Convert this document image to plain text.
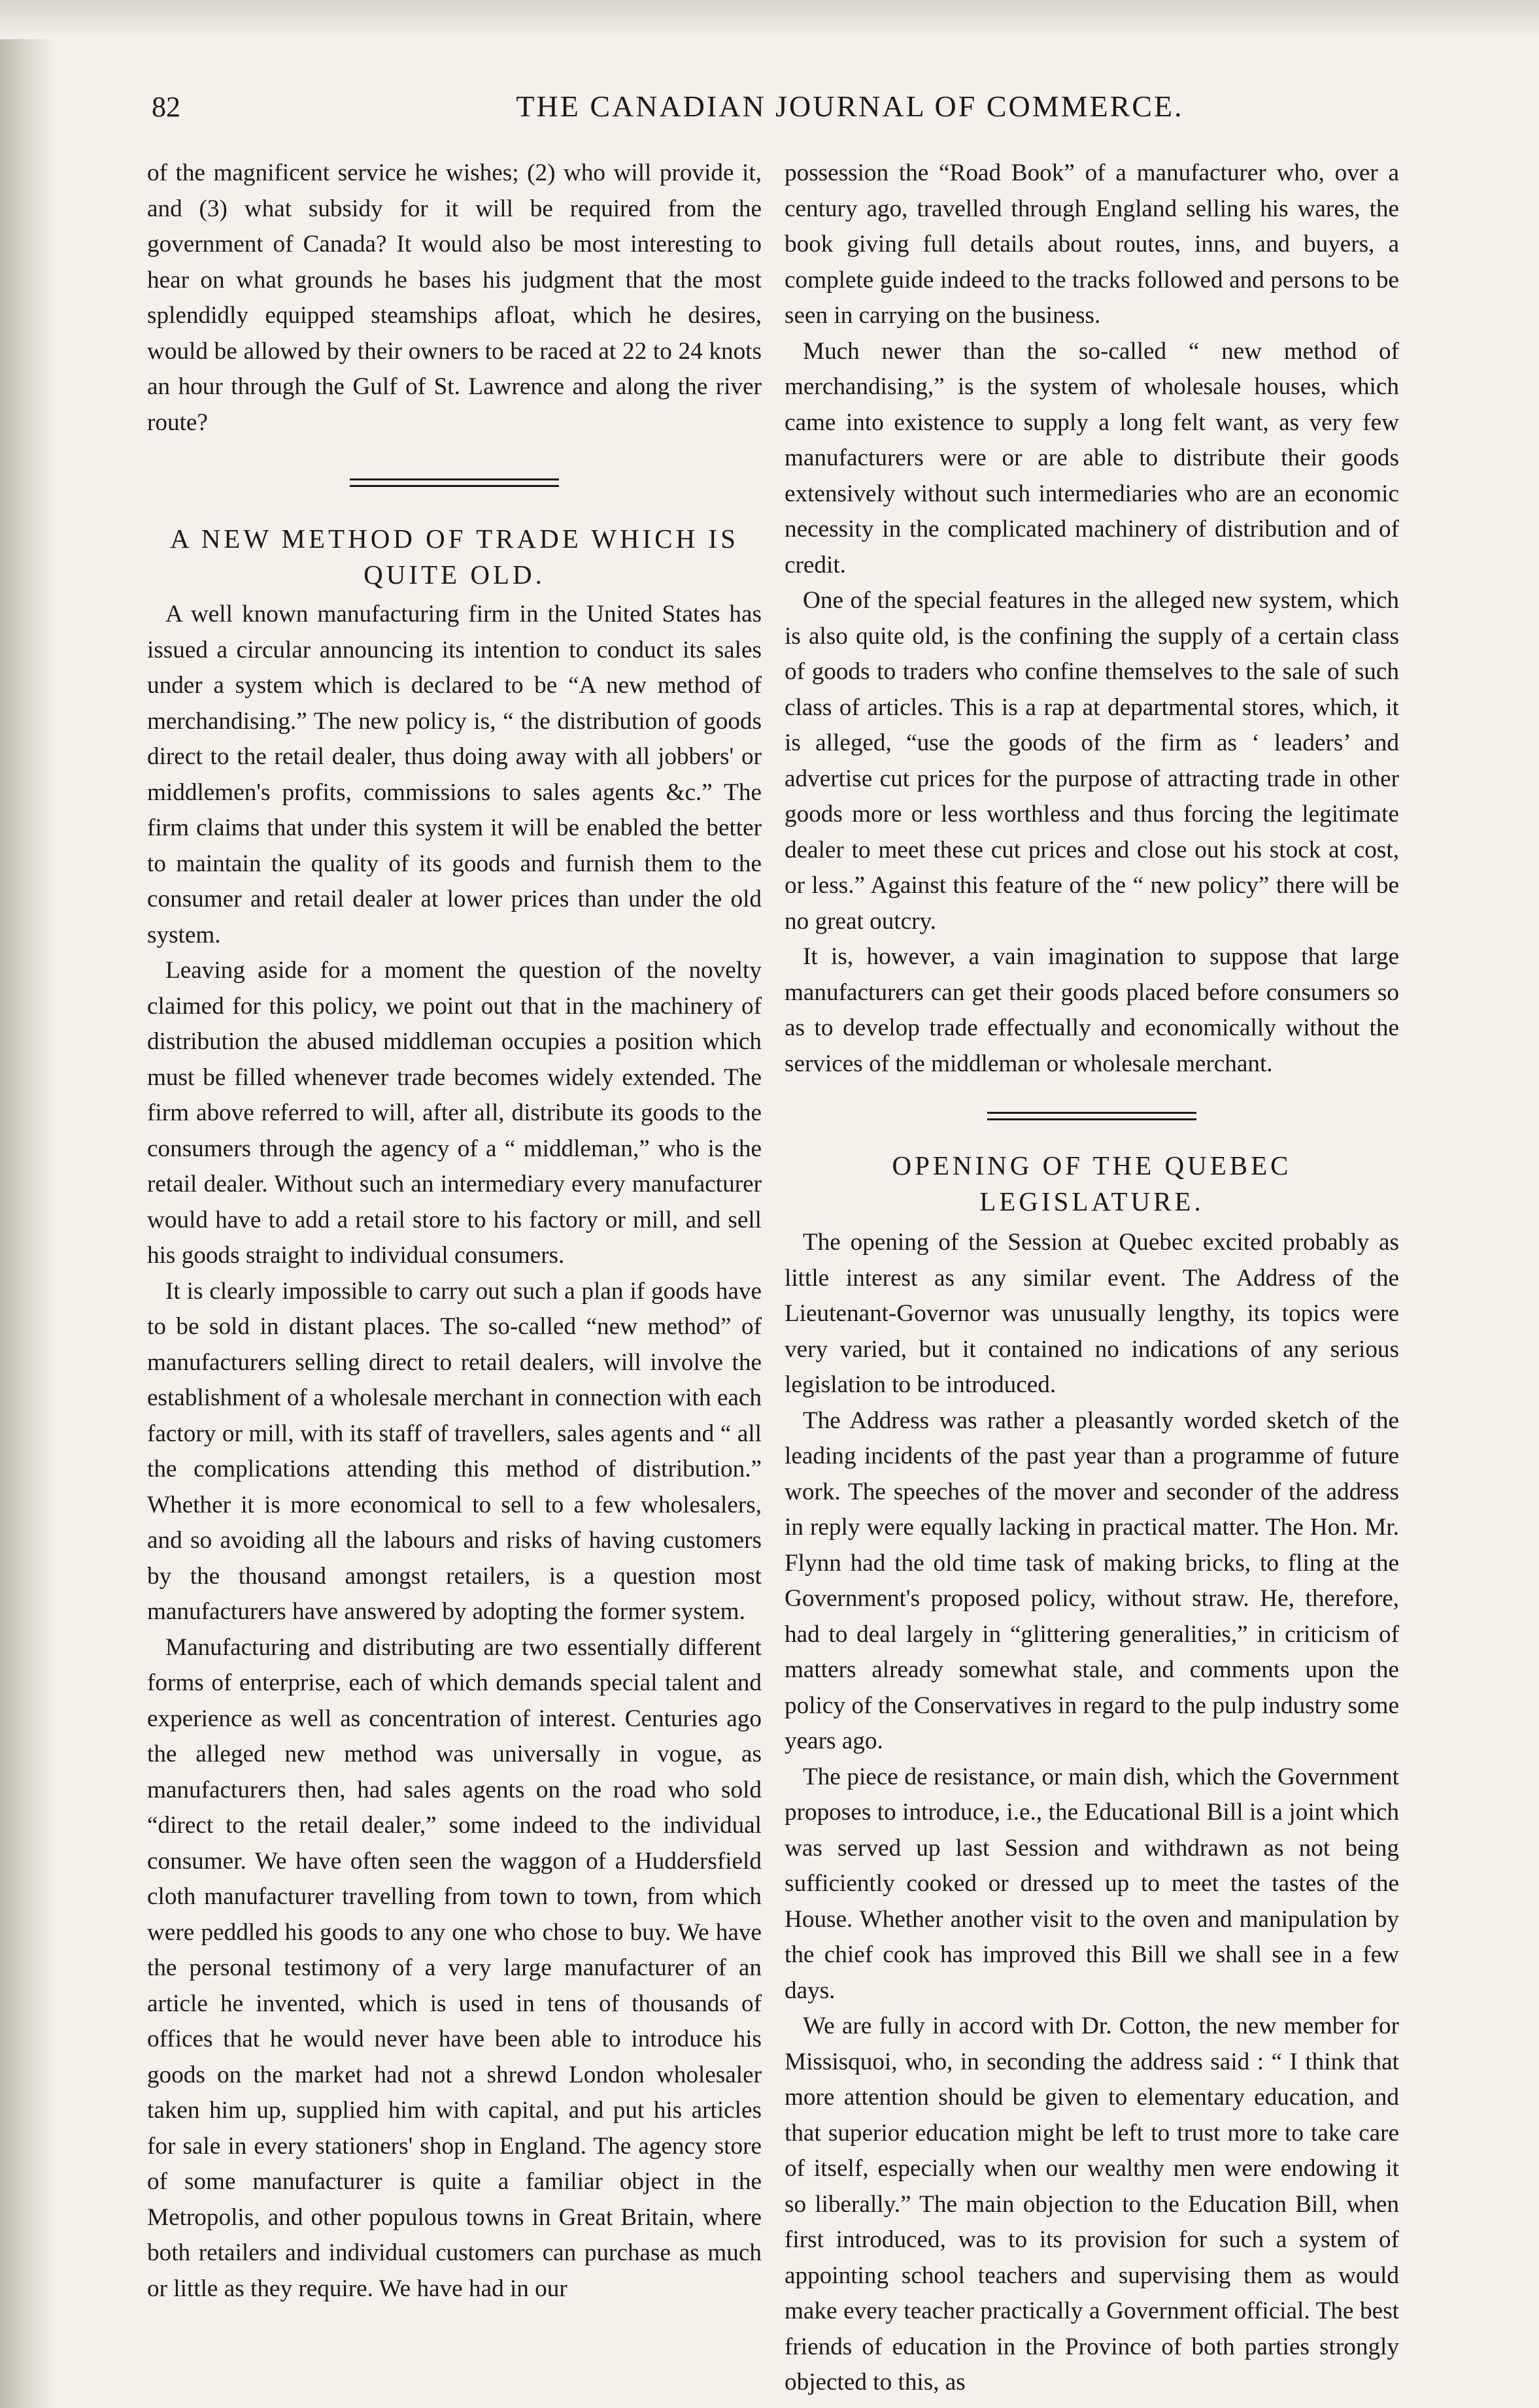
82	THE CANADIAN JOURNAL OF COMMERCE.

of the magnificent service he wishes; (2) who will provide it, and (3) what subsidy for it will be required from the government of Canada? It would also be most interesting to hear on what grounds he bases his judgment that the most splendidly equipped steamships afloat, which he desires, would be allowed by their owners to be raced at 22 to 24 knots an hour through the Gulf of St. Lawrence and along the river route?

A NEW METHOD OF TRADE WHICH IS QUITE OLD.

A well known manufacturing firm in the United States has issued a circular announcing its intention to conduct its sales under a system which is declared to be “A new method of merchandising.” The new policy is, “ the distribution of goods direct to the retail dealer, thus doing away with all jobbers' or middlemen's profits, commissions to sales agents &c.” The firm claims that under this system it will be enabled the better to maintain the quality of its goods and furnish them to the consumer and retail dealer at lower prices than under the old system.

Leaving aside for a moment the question of the novelty claimed for this policy, we point out that in the machinery of distribution the abused middleman occupies a position which must be filled whenever trade becomes widely extended. The firm above referred to will, after all, distribute its goods to the consumers through the agency of a “ middleman,” who is the retail dealer. Without such an intermediary every manufacturer would have to add a retail store to his factory or mill, and sell his goods straight to individual consumers.

It is clearly impossible to carry out such a plan if goods have to be sold in distant places. The so-called “new method” of manufacturers selling direct to retail dealers, will involve the establishment of a wholesale merchant in connection with each factory or mill, with its staff of travellers, sales agents and “ all the complications attending this method of distribution.” Whether it is more economical to sell to a few wholesalers, and so avoiding all the labours and risks of having customers by the thousand amongst retailers, is a question most manufacturers have answered by adopting the former system.

Manufacturing and distributing are two essentially different forms of enterprise, each of which demands special talent and experience as well as concentration of interest. Centuries ago the alleged new method was universally in vogue, as manufacturers then, had sales agents on the road who sold “direct to the retail dealer,” some indeed to the individual consumer. We have often seen the waggon of a Huddersfield cloth manufacturer travelling from town to town, from which were peddled his goods to any one who chose to buy. We have the personal testimony of a very large manufacturer of an article he invented, which is used in tens of thousands of offices that he would never have been able to introduce his goods on the market had not a shrewd London wholesaler taken him up, supplied him with capital, and put his articles for sale in every stationers' shop in England. The agency store of some manufacturer is quite a familiar object in the Metropolis, and other populous towns in Great Britain, where both retailers and individual customers can purchase as much or little as they require. We have had in our

possession the “Road Book” of a manufacturer who, over a century ago, travelled through England selling his wares, the book giving full details about routes, inns, and buyers, a complete guide indeed to the tracks followed and persons to be seen in carrying on the business.

Much newer than the so-called “ new method of merchandising,” is the system of wholesale houses, which came into existence to supply a long felt want, as very few manufacturers were or are able to distribute their goods extensively without such intermediaries who are an economic necessity in the complicated machinery of distribution and of credit.

One of the special features in the alleged new system, which is also quite old, is the confining the supply of a certain class of goods to traders who confine themselves to the sale of such class of articles. This is a rap at departmental stores, which, it is alleged, “use the goods of the firm as ‘ leaders’ and advertise cut prices for the purpose of attracting trade in other goods more or less worthless and thus forcing the legitimate dealer to meet these cut prices and close out his stock at cost, or less.” Against this feature of the “ new policy” there will be no great outcry.

It is, however, a vain imagination to suppose that large manufacturers can get their goods placed before consumers so as to develop trade effectually and economically without the services of the middleman or wholesale merchant.

OPENING OF THE QUEBEC LEGISLATURE.

The opening of the Session at Quebec excited probably as little interest as any similar event. The Address of the Lieutenant-Governor was unusually lengthy, its topics were very varied, but it contained no indications of any serious legislation to be introduced.

The Address was rather a pleasantly worded sketch of the leading incidents of the past year than a programme of future work. The speeches of the mover and seconder of the address in reply were equally lacking in practical matter. The Hon. Mr. Flynn had the old time task of making bricks, to fling at the Government's proposed policy, without straw. He, therefore, had to deal largely in “glittering generalities,” in criticism of matters already somewhat stale, and comments upon the policy of the Conservatives in regard to the pulp industry some years ago.

The piece de resistance, or main dish, which the Government proposes to introduce, i.e., the Educational Bill is a joint which was served up last Session and withdrawn as not being sufficiently cooked or dressed up to meet the tastes of the House. Whether another visit to the oven and manipulation by the chief cook has improved this Bill we shall see in a few days.

We are fully in accord with Dr. Cotton, the new member for Missisquoi, who, in seconding the address said : “ I think that more attention should be given to elementary education, and that superior education might be left to trust more to take care of itself, especially when our wealthy men were endowing it so liberally.” The main objection to the Education Bill, when first introduced, was to its provision for such a system of appointing school teachers and supervising them as would make every teacher practically a Government official. The best friends of education in the Province of both parties strongly objected to this, as
